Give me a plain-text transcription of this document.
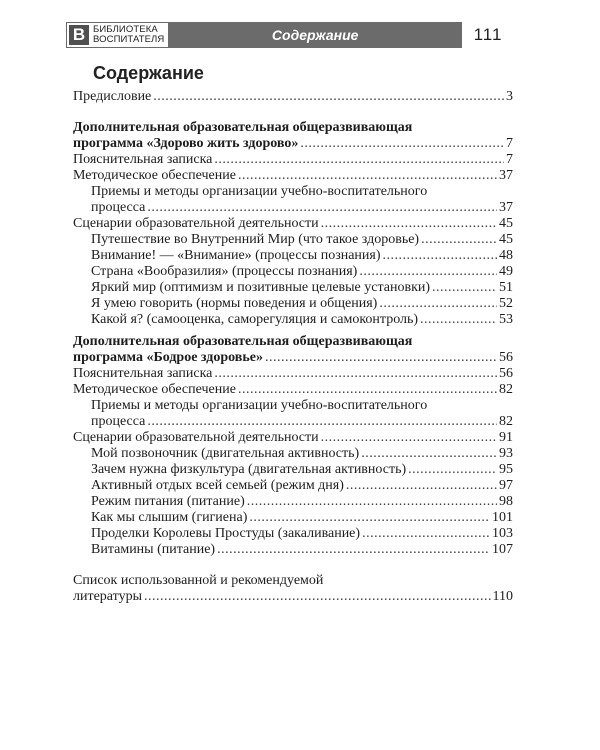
В БИБЛИОТЕКА
ВОСПИТАТЕЛЯ	Содержание	111
Содержание
Предисловие .....	3
Дополнительная образовательная общеразвивающая
программа «Здорово жить здорово» .....	7
Пояснительная записка .....	7
Методическое обеспечение .....	37
Приемы и методы организации учебно-воспитательного
процесса .....	37
Сценарии образовательной деятельности .....	45
Путешествие во Внутренний Мир (что такое здоровье) .....	45
Внимание! — «Внимание» (процессы познания) .....	48
Страна «Вообразилия» (процессы познания) .....	49
Яркий мир (оптимизм и позитивные целевые установки) .....	51
Я умею говорить (нормы поведения и общения) .....	52
Какой я? (самооценка, саморегуляция и самоконтроль) .....	53
Дополнительная образовательная общеразвивающая
программа «Бодрое здоровье» .....	56
Пояснительная записка .....	56
Методическое обеспечение .....	82
Приемы и методы организации учебно-воспитательного
процесса .....	82
Сценарии образовательной деятельности .....	91
Мой позвоночник (двигательная активность) .....	93
Зачем нужна физкультура (двигательная активность) .....	95
Активный отдых всей семьей (режим дня) .....	97
Режим питания (питание) .....	98
Как мы слышим (гигиена) .....	101
Проделки Королевы Простуды (закаливание) .....	103
Витамины (питание) .....	107
Список использованной и рекомендуемой
литературы .....	110
